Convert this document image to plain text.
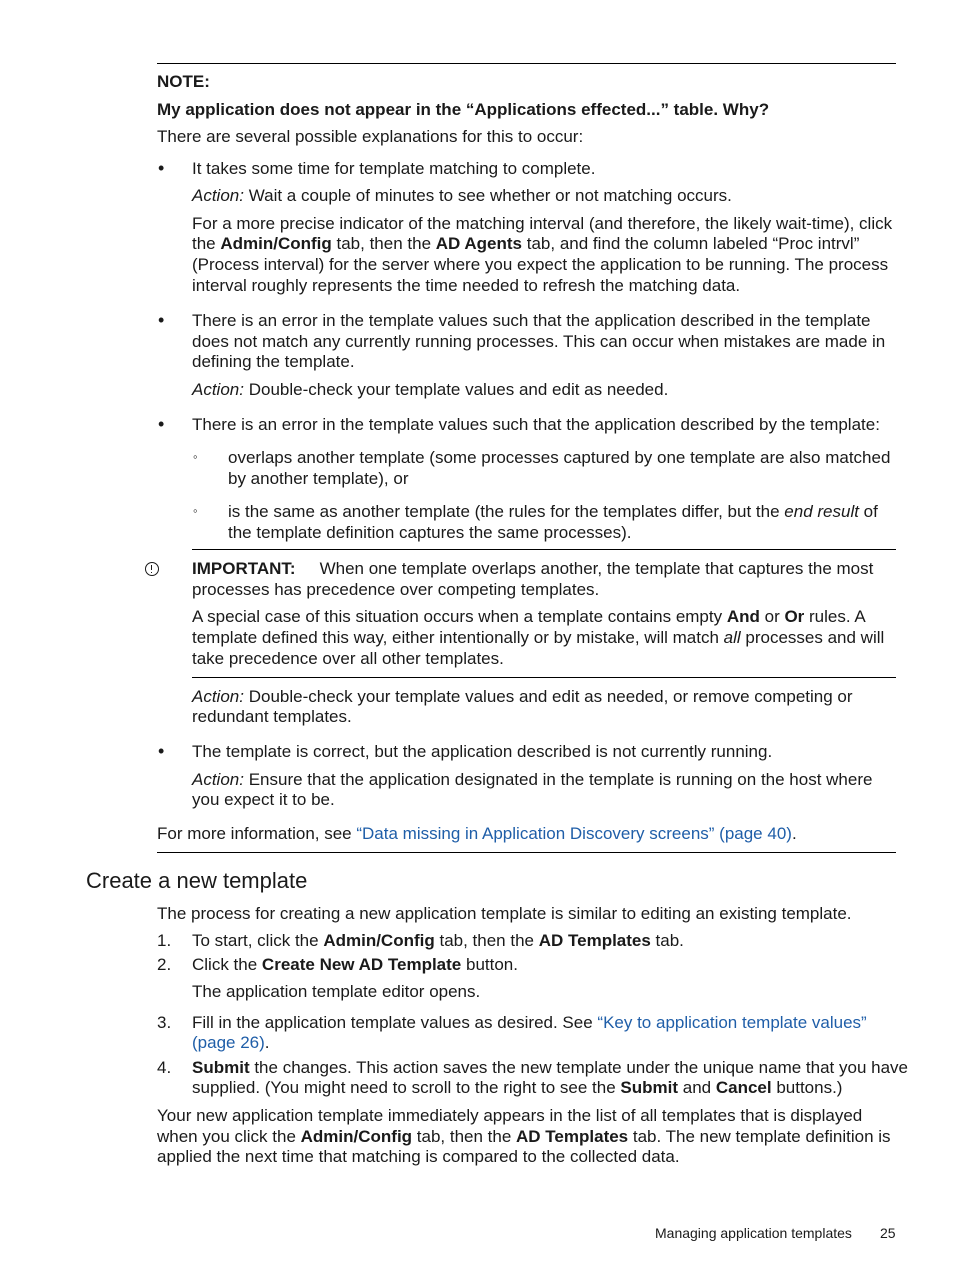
NOTE:
My application does not appear in the “Applications effected...” table. Why?
There are several possible explanations for this to occur:
• It takes some time for template matching to complete.
Action: Wait a couple of minutes to see whether or not matching occurs.
For a more precise indicator of the matching interval (and therefore, the likely wait-time), click
the Admin/Config tab, then the AD Agents tab, and find the column labeled “Proc intrvl”
(Process interval) for the server where you expect the application to be running. The process
interval roughly represents the time needed to refresh the matching data.
• There is an error in the template values such that the application described in the template
does not match any currently running processes. This can occur when mistakes are made in
defining the template.
Action: Double-check your template values and edit as needed.
• There is an error in the template values such that the application described by the template:
◦ overlaps another template (some processes captured by one template are also matched
by another template), or
◦ is the same as another template (the rules for the templates differ, but the end result of
the template definition captures the same processes).
IMPORTANT: When one template overlaps another, the template that captures the most
processes has precedence over competing templates.
A special case of this situation occurs when a template contains empty And or Or rules. A
template defined this way, either intentionally or by mistake, will match all processes and will
take precedence over all other templates.
Action: Double-check your template values and edit as needed, or remove competing or
redundant templates.
• The template is correct, but the application described is not currently running.
Action: Ensure that the application designated in the template is running on the host where
you expect it to be.
For more information, see “Data missing in Application Discovery screens” (page 40).
Create a new template
The process for creating a new application template is similar to editing an existing template.
1. To start, click the Admin/Config tab, then the AD Templates tab.
2. Click the Create New AD Template button.
The application template editor opens.
3. Fill in the application template values as desired. See “Key to application template values”
(page 26).
4. Submit the changes. This action saves the new template under the unique name that you have
supplied. (You might need to scroll to the right to see the Submit and Cancel buttons.)
Your new application template immediately appears in the list of all templates that is displayed
when you click the Admin/Config tab, then the AD Templates tab. The new template definition is
applied the next time that matching is compared to the collected data.
Managing application templates 25
